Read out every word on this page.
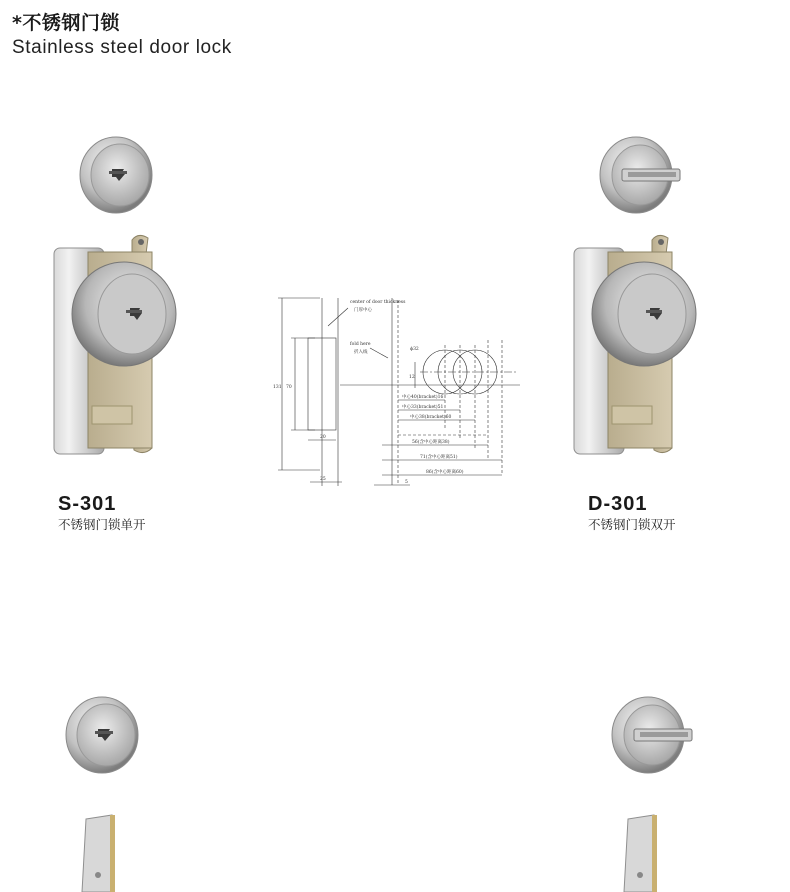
*不锈钢门锁

Stainless steel door lock

S-301

不锈钢门锁单开

center of door thickness
门厚中心
fold here
折入线
ϕ32
12
131 70
20
25
5
中心40(bracket)16
中心33(bracket)51
中心38(bracket)60
56(含中心距离38)
71(含中心距离51)
86(含中心距离60)

D-301

不锈钢门锁双开
